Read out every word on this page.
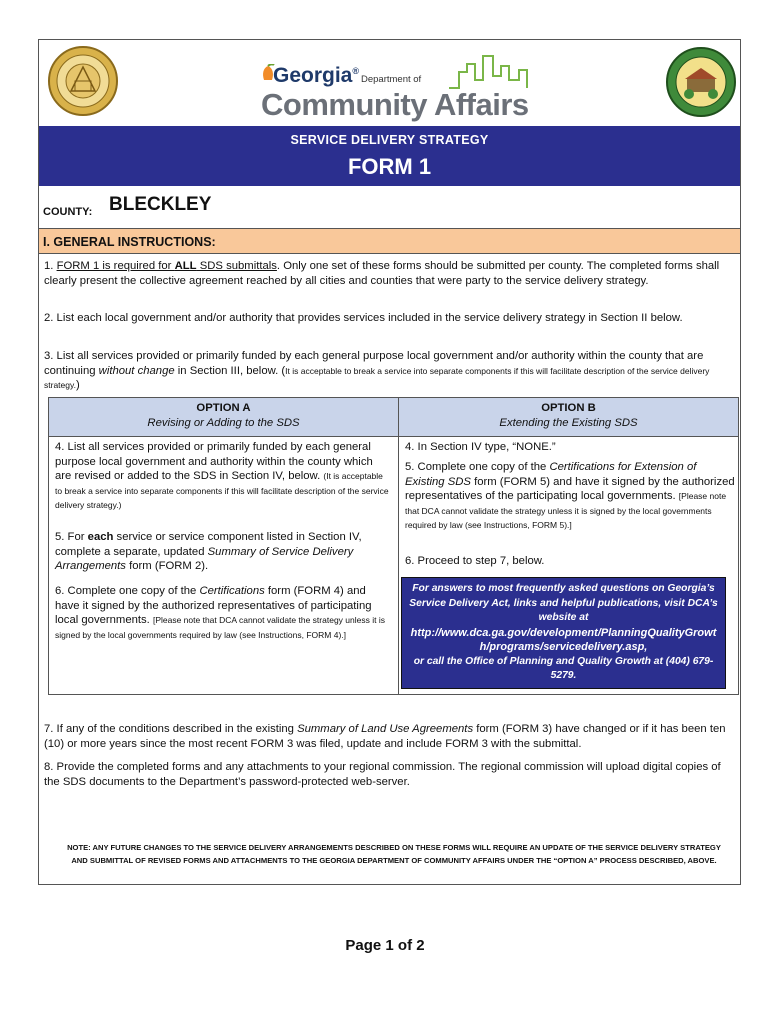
Georgia®Department of
Community Affairs
SERVICE DELIVERY STRATEGY
FORM 1
COUNTY: BLECKLEY
I. GENERAL INSTRUCTIONS:
1. FORM 1 is required for ALL SDS submittals. Only one set of these forms should be submitted per county. The completed forms shall clearly present the collective agreement reached by all cities and counties that were party to the service delivery strategy.
2. List each local government and/or authority that provides services included in the service delivery strategy in Section II below.
3. List all services provided or primarily funded by each general purpose local government and/or authority within the county that are continuing without change in Section III, below. (It is acceptable to break a service into separate components if this will facilitate description of the service delivery strategy.)
OPTION A
Revising or Adding to the SDS
OPTION B
Extending the Existing SDS
4. List all services provided or primarily funded by each general purpose local government and authority within the county which are revised or added to the SDS in Section IV, below. (It is acceptable to break a service into separate components if this will facilitate description of the service delivery strategy.)
5. For each service or service component listed in Section IV, complete a separate, updated Summary of Service Delivery Arrangements form (FORM 2).
6. Complete one copy of the Certifications form (FORM 4) and have it signed by the authorized representatives of participating local governments. [Please note that DCA cannot validate the strategy unless it is signed by the local governments required by law (see Instructions, FORM 4).]
4. In Section IV type, “NONE.”
5. Complete one copy of the Certifications for Extension of Existing SDS form (FORM 5) and have it signed by the authorized representatives of the participating local governments. [Please note that DCA cannot validate the strategy unless it is signed by the local governments required by law (see Instructions, FORM 5).]
6. Proceed to step 7, below.
For answers to most frequently asked questions on Georgia’s Service Delivery Act, links and helpful publications, visit DCA’s website at
http://www.dca.ga.gov/development/PlanningQualityGrowth/programs/servicedelivery.asp,
or call the Office of Planning and Quality Growth at (404) 679-5279.
7. If any of the conditions described in the existing Summary of Land Use Agreements form (FORM 3) have changed or if it has been ten (10) or more years since the most recent FORM 3 was filed, update and include FORM 3 with the submittal.
8. Provide the completed forms and any attachments to your regional commission. The regional commission will upload digital copies of the SDS documents to the Department’s password-protected web-server.
NOTE: ANY FUTURE CHANGES TO THE SERVICE DELIVERY ARRANGEMENTS DESCRIBED ON THESE FORMS WILL REQUIRE AN UPDATE OF THE SERVICE DELIVERY STRATEGY AND SUBMITTAL OF REVISED FORMS AND ATTACHMENTS TO THE GEORGIA DEPARTMENT OF COMMUNITY AFFAIRS UNDER THE “OPTION A” PROCESS DESCRIBED, ABOVE.
Page 1 of 2
